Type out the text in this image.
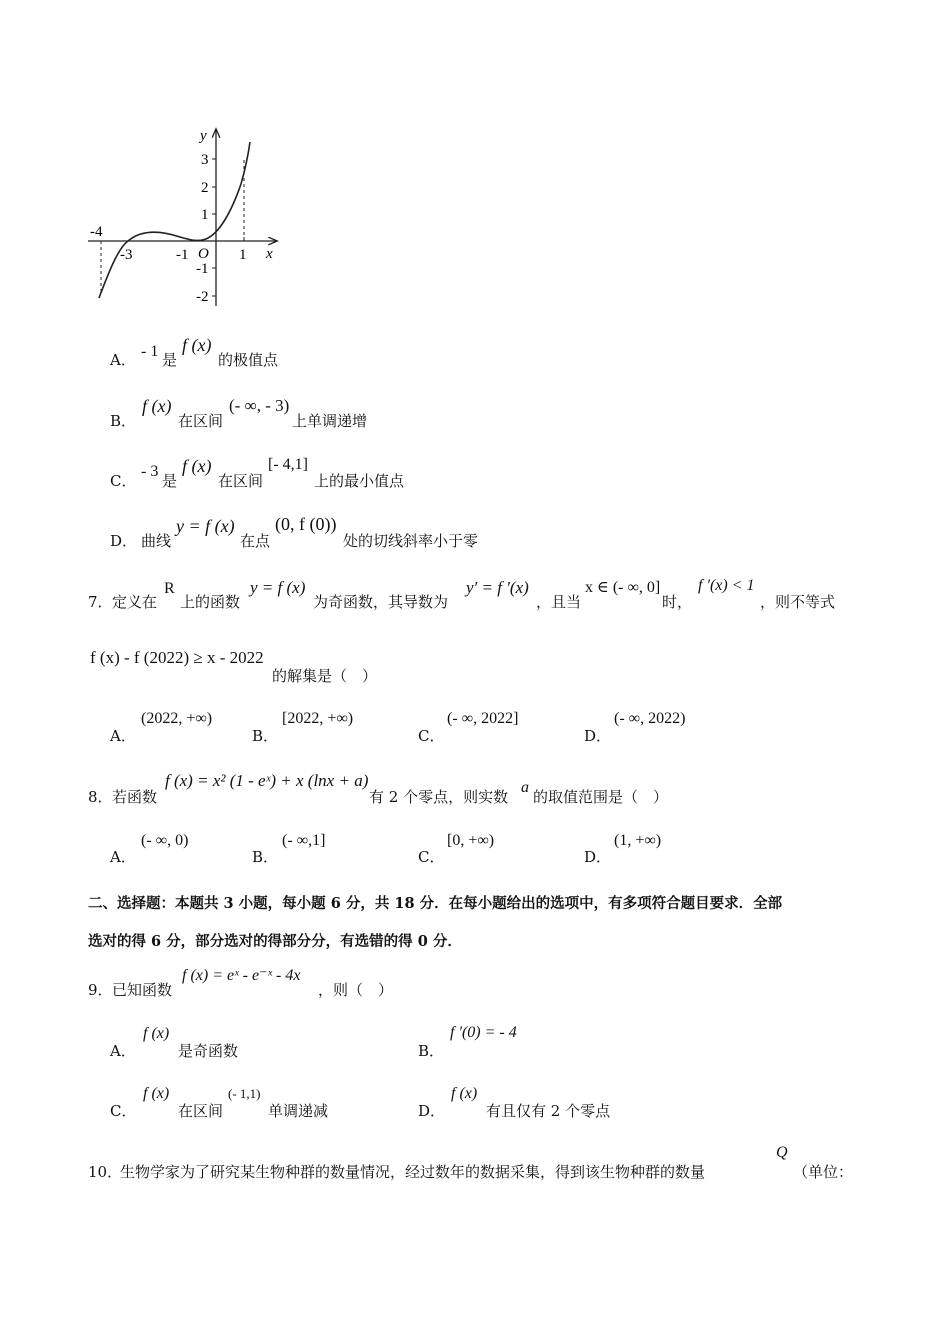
y
x
O
3
2
1
-1
-2
-4
-3	-1	1
A． - 1 是
f (x)
的极值点
B．
f (x)
在区间
(- ∞, - 3)
上单调递增
C．
- 3
是
f (x)
在区间
[- 4,1]
上的最小值点
D． 曲线
y = f (x)
在点
(0, f (0))
处的切线斜率小于零
7． 定义在
R
上的函数
y = f (x)
为奇函数，其导数为
y′ = f ′(x)
，且当
x ∈ (- ∞, 0]
时，
f ′(x) < 1
，则不等式
f (x) - f (2022) ≥ x - 2022
的解集是（　）
A．
(2022, +∞)
B．
[2022, +∞)
C．
(- ∞, 2022]
D．
(- ∞, 2022)
8． 若函数
f (x) = x² (1 - eˣ) + x (lnx + a)
有 2 个零点，则实数
a
的取值范围是（　）
A．
(- ∞, 0)
B．
(- ∞,1]
C．
[0, +∞)
D．
(1, +∞)
二、选择题：本题共 3 小题，每小题 6 分，共 18 分．在每小题给出的选项中，有多项符合题目要求．全部
选对的得 6 分，部分选对的得部分分，有选错的得 0 分．
9． 已知函数
f (x) = eˣ - e⁻ˣ - 4x
，则（　）
A．
f (x)
是奇函数	B．
f ′(0) = - 4
C．
f (x)
在区间
(- 1,1)
单调递减	D．
f (x)
有且仅有 2 个零点
10．
生物学家为了研究某生物种群的数量情况，经过数年的数据采集，得到该生物种群的数量
Q
（单位：
